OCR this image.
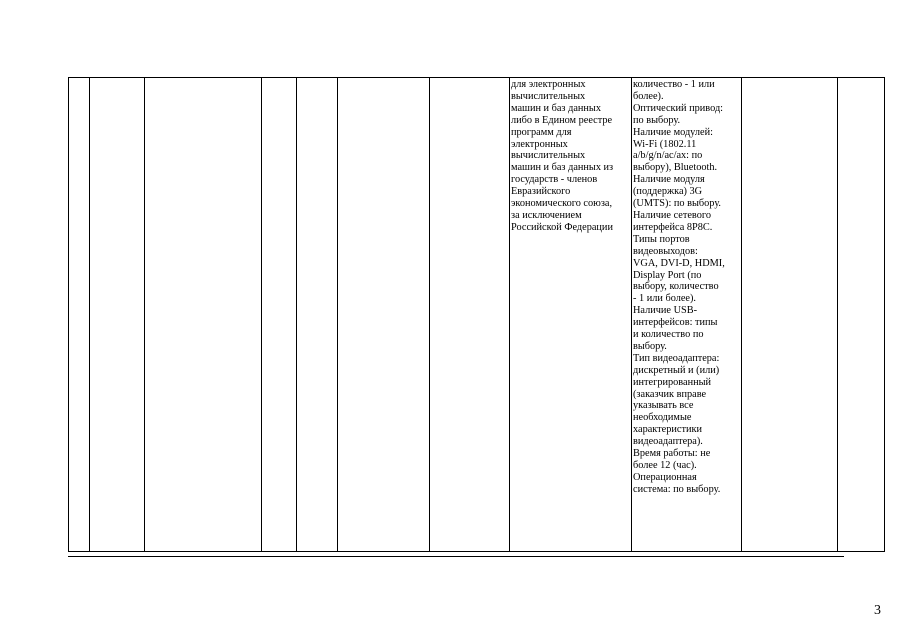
для электронных
вычислительных
машин и баз данных
либо в Едином реестре
программ для
электронных
вычислительных
машин и баз данных из
государств - членов
Евразийского
экономического союза,
за исключением
Российской Федерации

количество - 1 или
более).
Оптический привод:
по выбору.
Наличие модулей:
Wi-Fi (1802.11
a/b/g/n/ac/ax: по
выбору), Bluetooth.
Наличие модуля
(поддержка) 3G
(UMTS): по выбору.
Наличие сетевого
интерфейса 8P8C.
Типы портов
видеовыходов:
VGA, DVI-D, HDMI,
Display Port (по
выбору, количество
- 1 или более).
Наличие USB-
интерфейсов: типы
и количество по
выбору.
Тип видеоадаптера:
дискретный и (или)
интегрированный
(заказчик вправе
указывать все
необходимые
характеристики
видеоадаптера).
Время работы: не
более 12 (час).
Операционная
система: по выбору.

3
